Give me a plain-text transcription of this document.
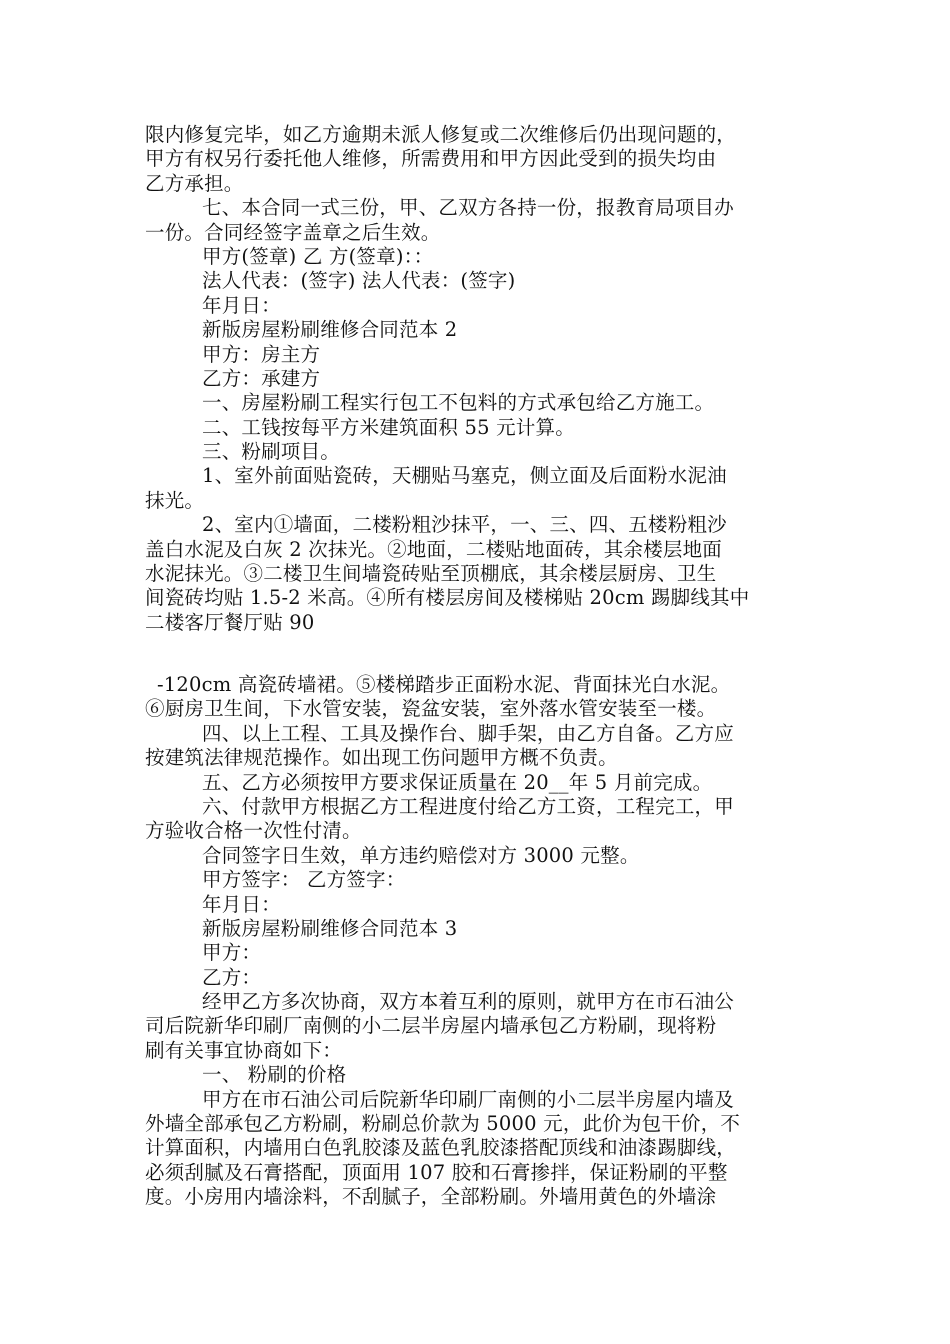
限内修复完毕，如乙方逾期未派人修复或二次维修后仍出现问题的，
甲方有权另行委托他人维修，所需费用和甲方因此受到的损失均由
乙方承担。
七、本合同一式三份，甲、乙双方各持一份，报教育局项目办
一份。合同经签字盖章之后生效。
甲方(签章) 乙 方(签章)：：
法人代表：(签字) 法人代表：(签字)
年月日：
新版房屋粉刷维修合同范本 2
甲方：房主方
乙方：承建方
一、房屋粉刷工程实行包工不包料的方式承包给乙方施工。
二、工钱按每平方米建筑面积 55 元计算。
三、粉刷项目。
1、室外前面贴瓷砖，天棚贴马塞克，侧立面及后面粉水泥油
抹光。
2、室内①墙面，二楼粉粗沙抹平，一、三、四、五楼粉粗沙
盖白水泥及白灰 2 次抹光。②地面，二楼贴地面砖，其余楼层地面
水泥抹光。③二楼卫生间墙瓷砖贴至顶棚底，其余楼层厨房、卫生
间瓷砖均贴 1.5-2 米高。④所有楼层房间及楼梯贴 20cm 踢脚线其中
二楼客厅餐厅贴 90
-120cm 高瓷砖墙裙。⑤楼梯踏步正面粉水泥、背面抹光白水泥。
⑥厨房卫生间，下水管安装，瓷盆安装，室外落水管安装至一楼。
四、以上工程、工具及操作台、脚手架，由乙方自备。乙方应
按建筑法律规范操作。如出现工伤问题甲方概不负责。
五、乙方必须按甲方要求保证质量在 20__年 5 月前完成。
六、付款甲方根据乙方工程进度付给乙方工资，工程完工，甲
方验收合格一次性付清。
合同签字日生效，单方违约赔偿对方 3000 元整。
甲方签字： 乙方签字：
年月日：
新版房屋粉刷维修合同范本 3
甲方：
乙方：
经甲乙方多次协商，双方本着互利的原则，就甲方在市石油公
司后院新华印刷厂南侧的小二层半房屋内墙承包乙方粉刷，现将粉
刷有关事宜协商如下：
一、 粉刷的价格
甲方在市石油公司后院新华印刷厂南侧的小二层半房屋内墙及
外墙全部承包乙方粉刷，粉刷总价款为 5000 元，此价为包干价，不
计算面积，内墙用白色乳胶漆及蓝色乳胶漆搭配顶线和油漆踢脚线，
必须刮腻及石膏搭配，顶面用 107 胶和石膏掺拌，保证粉刷的平整
度。小房用内墙涂料，不刮腻子，全部粉刷。外墙用黄色的外墙涂
